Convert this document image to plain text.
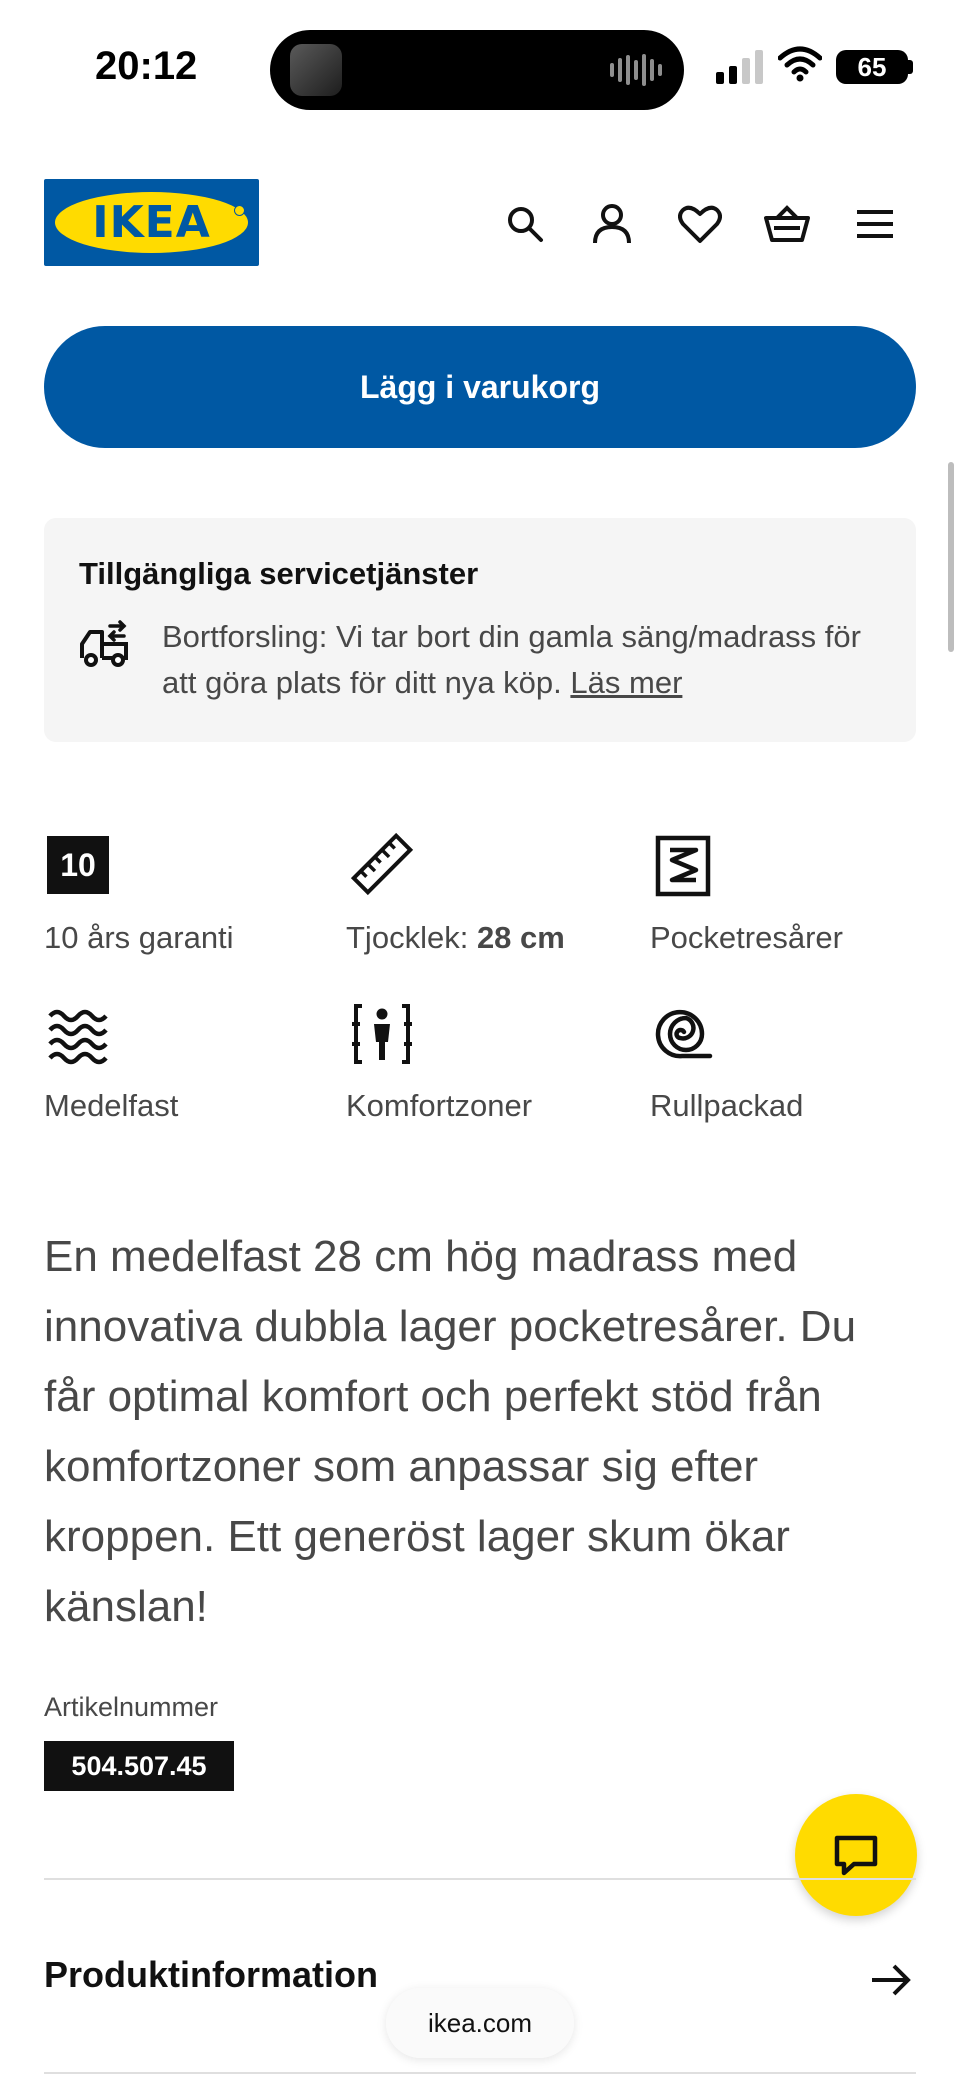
20:12	65
IKEA
Lägg i varukorg
Tillgängliga servicetjänster
Bortforsling: Vi tar bort din gamla säng/madrass för att göra plats för ditt nya köp. Läs mer
10
10 års garanti	Tjocklek: 28 cm	Pocketresårer
Medelfast	Komfortzoner	Rullpackad
En medelfast 28 cm hög madrass med innovativa dubbla lager pocketresårer. Du får optimal komfort och perfekt stöd från komfortzoner som anpassar sig efter kroppen. Ett generöst lager skum ökar känslan!
Artikelnummer
504.507.45
Produktinformation
ikea.com
